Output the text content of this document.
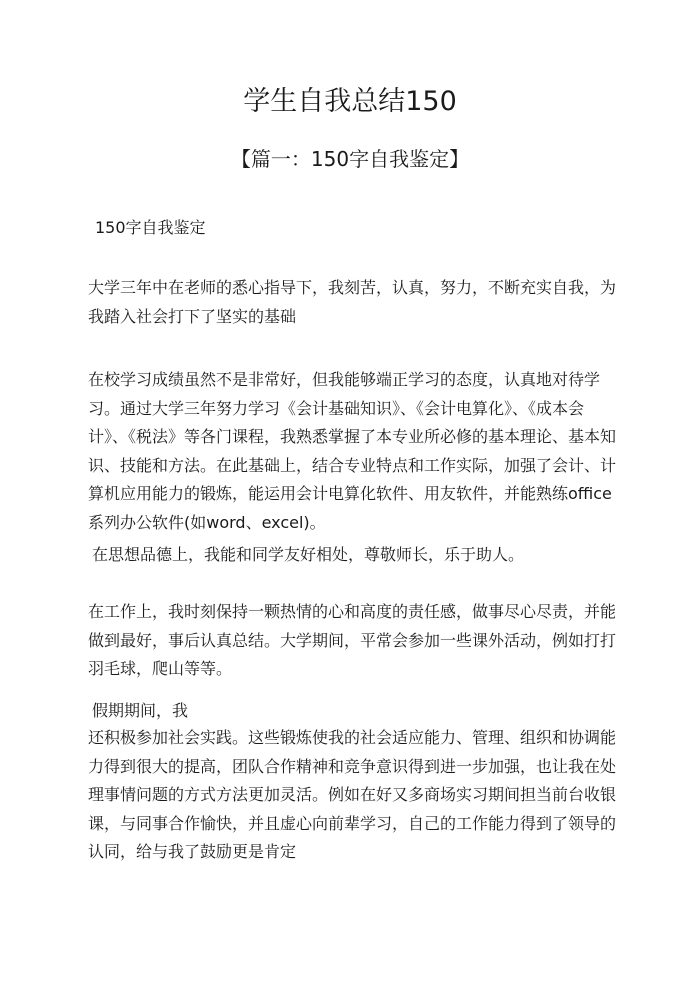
学生自我总结150
【篇一：150字自我鉴定】
150字自我鉴定

大学三年中在老师的悉心指导下，我刻苦，认真，努力，不断充实自我，为我踏入社会打下了坚实的基础

在校学习成绩虽然不是非常好，但我能够端正学习的态度，认真地对待学习。通过大学三年努力学习《会计基础知识》、《会计电算化》、《成本会计》、《税法》等各门课程，我熟悉掌握了本专业所必修的基本理论、基本知识、技能和方法。在此基础上，结合专业特点和工作实际，加强了会计、计算机应用能力的锻炼，能运用会计电算化软件、用友软件，并能熟练office系列办公软件(如word、excel)。

在思想品德上，我能和同学友好相处，尊敬师长，乐于助人。

在工作上，我时刻保持一颗热情的心和高度的责任感，做事尽心尽责，并能做到最好，事后认真总结。大学期间，平常会参加一些课外活动，例如打打羽毛球，爬山等等。

假期期间，我

还积极参加社会实践。这些锻炼使我的社会适应能力、管理、组织和协调能力得到很大的提高，团队合作精神和竞争意识得到进一步加强，也让我在处理事情问题的方式方法更加灵活。例如在好又多商场实习期间担当前台收银课，与同事合作愉快，并且虚心向前辈学习，自己的工作能力得到了领导的认同，给与我了鼓励更是肯定
